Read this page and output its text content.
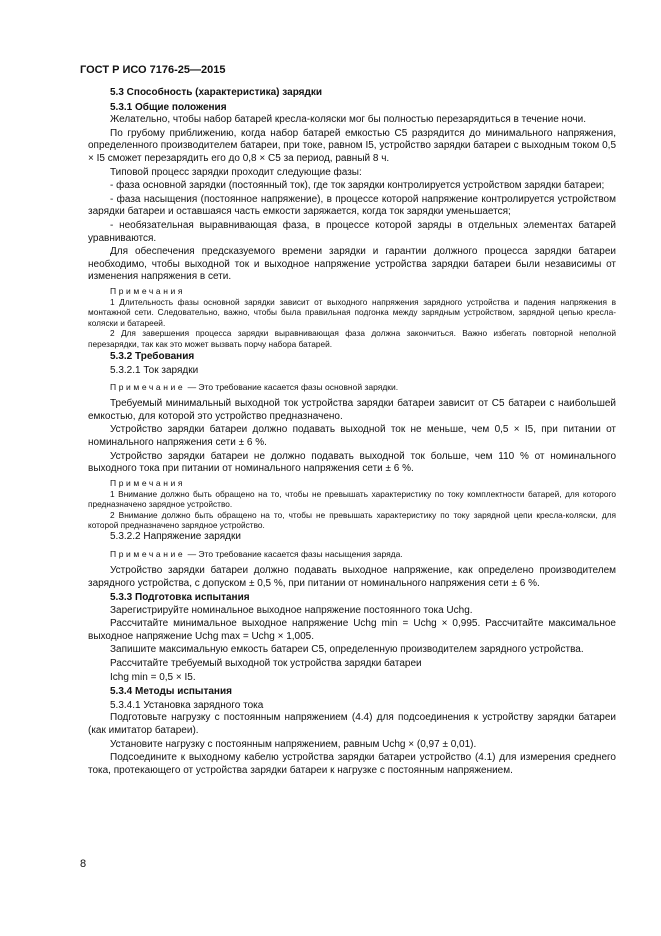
ГОСТ Р ИСО 7176-25—2015
5.3 Способность (характеристика) зарядки
5.3.1 Общие положения

Желательно, чтобы набор батарей кресла-коляски мог бы полностью перезарядиться в течение ночи.

По грубому приближению, когда набор батарей емкостью C5 разрядится до минимального напряжения, определенного производителем батареи, при токе, равном I5, устройство зарядки батареи с выходным током 0,5 × I5 сможет перезарядить его до 0,8 × C5 за период, равный 8 ч.

Типовой процесс зарядки проходит следующие фазы:

- фаза основной зарядки (постоянный ток), где ток зарядки контролируется устройством зарядки батареи;

- фаза насыщения (постоянное напряжение), в процессе которой напряжение контролируется устройством зарядки батареи и оставшаяся часть емкости заряжается, когда ток зарядки уменьшается;

- необязательная выравнивающая фаза, в процессе которой заряды в отдельных элементах батарей уравниваются.

Для обеспечения предсказуемого времени зарядки и гарантии должного процесса зарядки батареи необходимо, чтобы выходной ток и выходное напряжение устройства зарядки батареи были независимы от изменения напряжения в сети.

Примечания

1 Длительность фазы основной зарядки зависит от выходного напряжения зарядного устройства и падения напряжения в монтажной сети. Следовательно, важно, чтобы была правильная подгонка между зарядным устройством, зарядной цепью кресла-коляски и батареей.

2 Для завершения процесса зарядки выравнивающая фаза должна закончиться. Важно избегать повторной неполной перезарядки, так как это может вызвать порчу набора батарей.

5.3.2 Требования
5.3.2.1 Ток зарядки
Примечание — Это требование касается фазы основной зарядки.

Требуемый минимальный выходной ток устройства зарядки батареи зависит от C5 батареи с наибольшей емкостью, для которой это устройство предназначено.

Устройство зарядки батареи должно подавать выходной ток не меньше, чем 0,5 × I5, при питании от номинального напряжения сети ± 6 %.

Устройство зарядки батареи не должно подавать выходной ток больше, чем 110 % от номинального выходного тока при питании от номинального напряжения сети ± 6 %.

Примечания

1 Внимание должно быть обращено на то, чтобы не превышать характеристику по току комплектности батарей, для которого предназначено зарядное устройство.

2 Внимание должно быть обращено на то, чтобы не превышать характеристику по току зарядной цепи кресла-коляски, для которой предназначено зарядное устройство.

5.3.2.2 Напряжение зарядки
Примечание — Это требование касается фазы насыщения заряда.

Устройство зарядки батареи должно подавать выходное напряжение, как определено производителем зарядного устройства, с допуском ± 0,5 %, при питании от номинального напряжения сети ± 6 %.

5.3.3 Подготовка испытания

Зарегистрируйте номинальное выходное напряжение постоянного тока Uchg.

Рассчитайте минимальное выходное напряжение Uchg min = Uchg × 0,995. Рассчитайте максимальное выходное напряжение Uchg max = Uchg × 1,005.

Запишите максимальную емкость батареи C5, определенную производителем зарядного устройства.

Рассчитайте требуемый выходной ток устройства зарядки батареи

Ichg min = 0,5 × I5.

5.3.4 Методы испытания
5.3.4.1 Установка зарядного тока

Подготовьте нагрузку с постоянным напряжением (4.4) для подсоединения к устройству зарядки батареи (как имитатор батареи).

Установите нагрузку с постоянным напряжением, равным Uchg × (0,97 ± 0,01).

Подсоедините к выходному кабелю устройства зарядки батареи устройство (4.1) для измерения среднего тока, протекающего от устройства зарядки батареи к нагрузке с постоянным напряжением.

8
